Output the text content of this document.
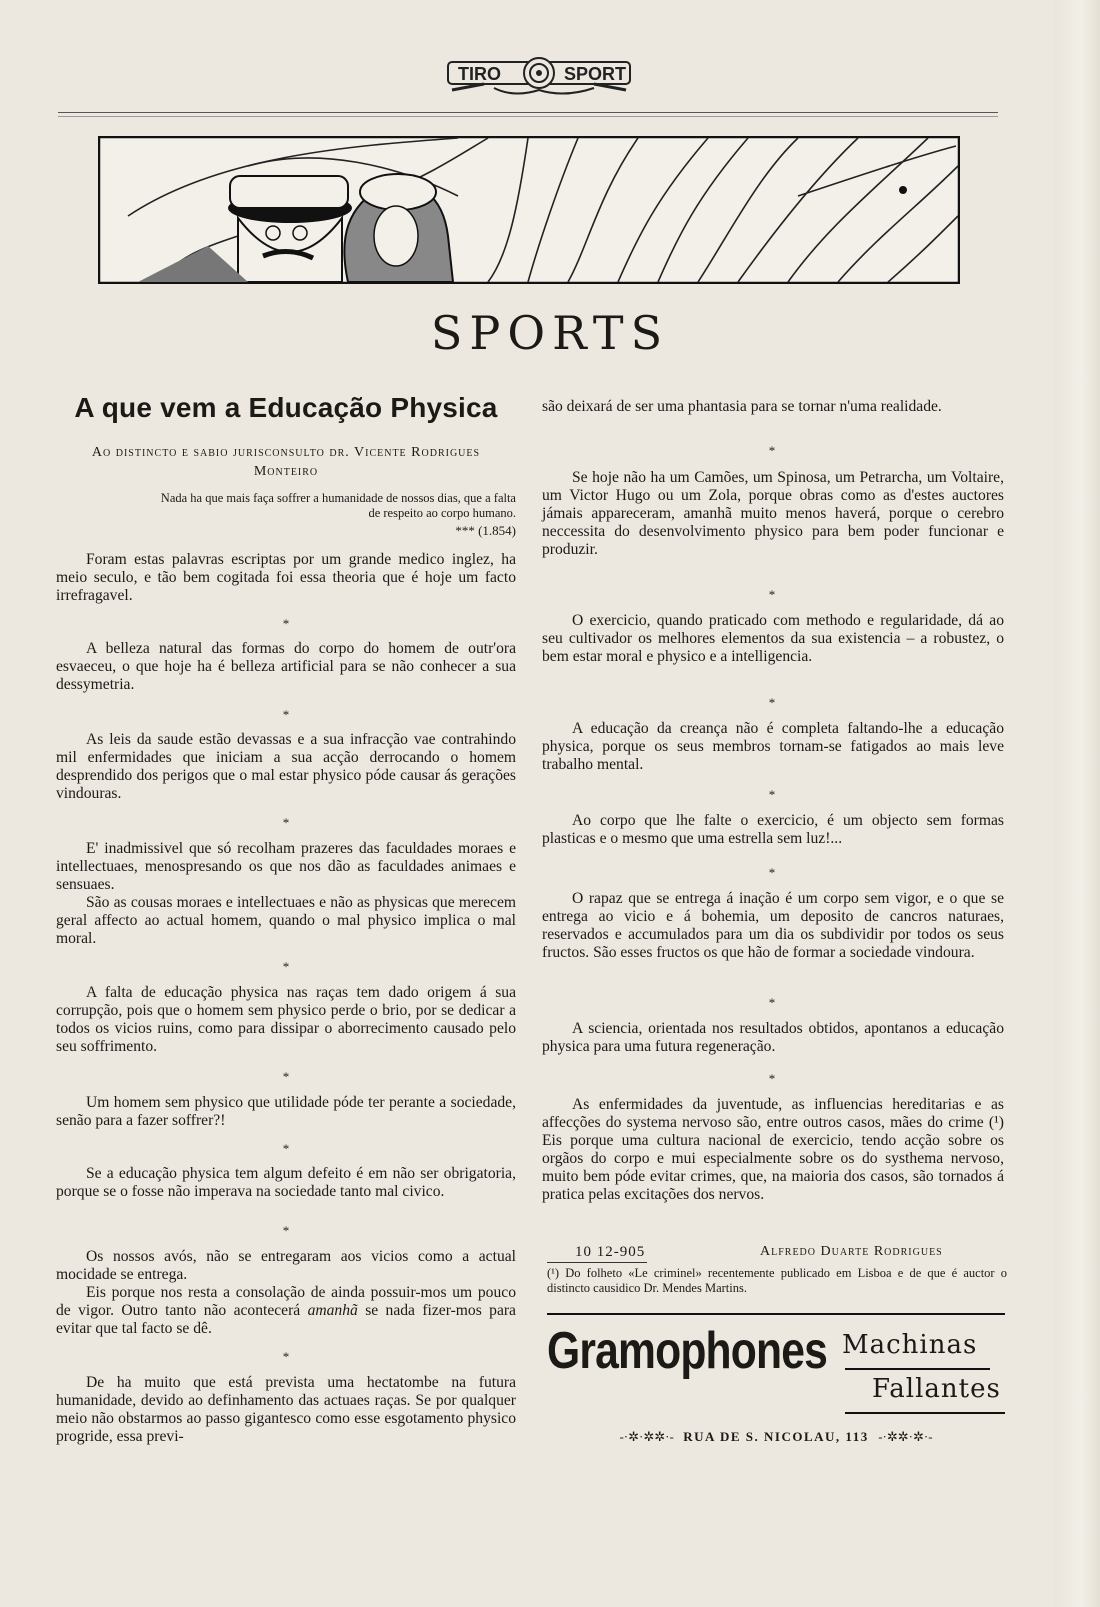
TIRO	SPORT
SPORTS
A que vem a Educação Physica
Ao distincto e sabio jurisconsulto dr. Vicente Rodrigues
Monteiro
Nada ha que mais faça soffrer a humanidade de nossos dias, que a falta de respeito ao corpo humano.
*** (1.854)

Foram estas palavras escriptas por um grande medico inglez, ha meio seculo, e tão bem cogitada foi essa theoria que é hoje um facto irrefragavel.

*

A belleza natural das formas do corpo do homem de outr'ora esvaeceu, o que hoje ha é belleza artificial para se não conhecer a sua dessymetria.

*

As leis da saude estão devassas e a sua infracção vae contrahindo mil enfermidades que iniciam a sua acção derrocando o homem desprendido dos perigos que o mal estar physico póde causar ás gerações vindouras.

*

E' inadmissivel que só recolham prazeres das faculdades moraes e intellectuaes, menospresando os que nos dão as faculdades animaes e sensuaes.

São as cousas moraes e intellectuaes e não as physicas que merecem geral affecto ao actual homem, quando o mal physico implica o mal moral.

*

A falta de educação physica nas raças tem dado origem á sua corrupção, pois que o homem sem physico perde o brio, por se dedicar a todos os vicios ruins, como para dissipar o aborrecimento causado pelo seu soffrimento.

*

Um homem sem physico que utilidade póde ter perante a sociedade, senão para a fazer soffrer?!

*

Se a educação physica tem algum defeito é em não ser obrigatoria, porque se o fosse não imperava na sociedade tanto mal civico.

*

Os nossos avós, não se entregaram aos vicios como a actual mocidade se entrega.

Eis porque nos resta a consolação de ainda possuir-mos um pouco de vigor. Outro tanto não acontecerá amanhã se nada fizer-mos para evitar que tal facto se dê.

*

De ha muito que está prevista uma hectatombe na futura humanidade, devido ao definhamento das actuaes raças. Se por qualquer meio não obstarmos ao passo gigantesco como esse esgotamento physico progride, essa previ-

são deixará de ser uma phantasia para se tornar n'uma realidade.

*

Se hoje não ha um Camões, um Spinosa, um Petrarcha, um Voltaire, um Victor Hugo ou um Zola, porque obras como as d'estes auctores jámais appareceram, amanhã muito menos haverá, porque o cerebro neccessita do desenvolvimento physico para bem poder funcionar e produzir.

*

O exercicio, quando praticado com methodo e regularidade, dá ao seu cultivador os melhores elementos da sua existencia – a robustez, o bem estar moral e physico e a intelligencia.

*

A educação da creança não é completa faltando-lhe a educação physica, porque os seus membros tornam-se fatigados ao mais leve trabalho mental.

*

Ao corpo que lhe falte o exercicio, é um objecto sem formas plasticas e o mesmo que uma estrella sem luz!...

*

O rapaz que se entrega á inação é um corpo sem vigor, e o que se entrega ao vicio e á bohemia, um deposito de cancros naturaes, reservados e accumulados para um dia os subdividir por todos os seus fructos. São esses fructos os que hão de formar a sociedade vindoura.

*

A sciencia, orientada nos resultados obtidos, apontanos a educação physica para uma futura regeneração.

*

As enfermidades da juventude, as influencias hereditarias e as affecções do systema nervoso são, entre outros casos, mães do crime (¹) Eis porque uma cultura nacional de exercicio, tendo acção sobre os orgãos do corpo e mui especialmente sobre os do systhema nervoso, muito bem póde evitar crimes, que, na maioria dos casos, são tornados á pratica pelas excitações dos nervos.

10 12-905	Alfredo Duarte Rodrigues
(¹) Do folheto «Le criminel» recentemente publicado em Lisboa e de que é auctor o distincto causidico Dr. Mendes Martins.
Gramophones Machinas
Fallantes
-·✲·✲✲·- RUA DE S. NICOLAU, 113 -·✲✲·✲·-
